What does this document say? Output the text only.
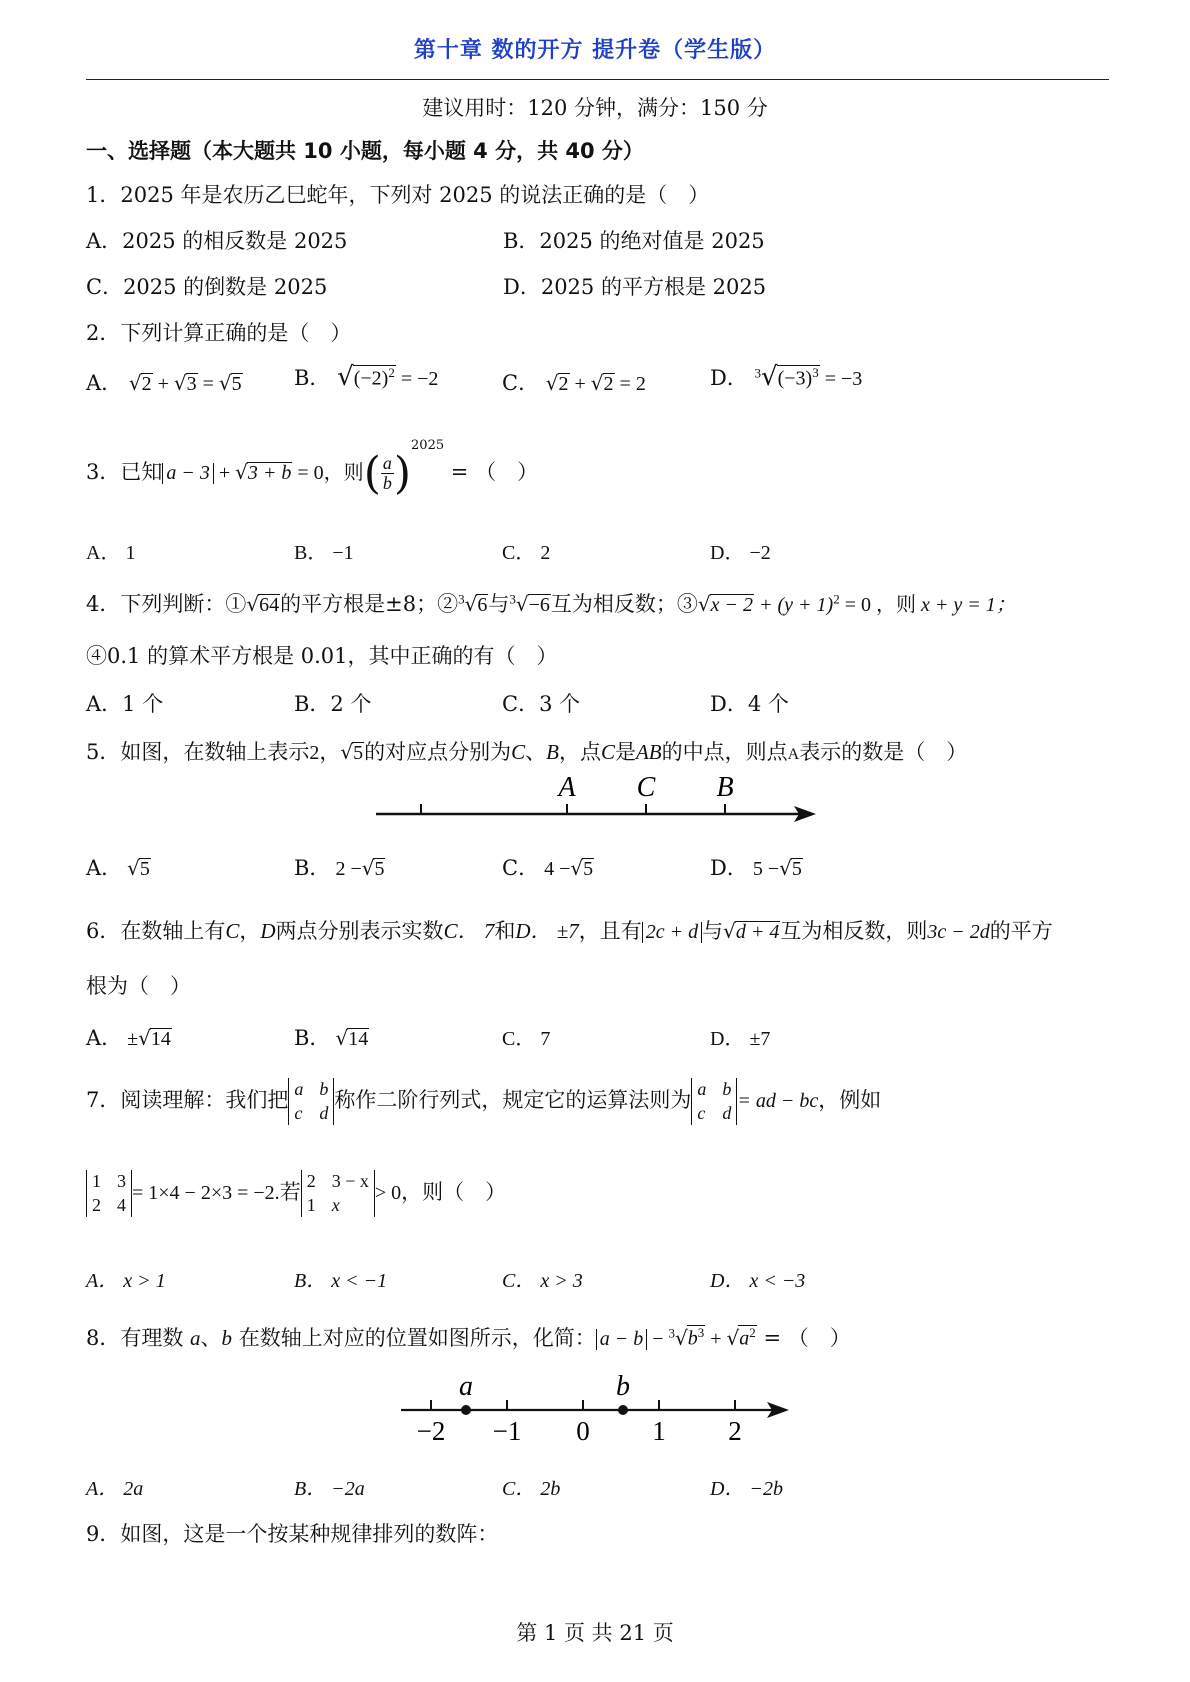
第十章 数的开方 提升卷（学生版）
建议用时：120 分钟，满分：150 分
一、选择题（本大题共 10 小题，每小题 4 分，共 40 分）
1．2025 年是农历乙巳蛇年，下列对 2025 的说法正确的是（　）
A．2025 的相反数是 2025	B．2025 的绝对值是 2025
C．2025 的倒数是 2025	D．2025 的平方根是 2025
2．下列计算正确的是（　）
A． √2 + √3 = √5 B． $√(-2)^2 = -2$	C． √2 + √2 = 2	D． $^3√(-3)^3 = -3$
3．已知 a − 3 + √3 + b = 0，则( $\frac{a}{b} )^{2025}$ = （　）
A． 1	B． −1	C． 2	D． −2
4．下列判断：①√64的平方根是±8；②$^3$√6与$^3$√−6互为相反数；③√x − $2 + (y + 1)^2 = 0$ ，则 x + y = 1；
④0.1 的算术平方根是 0.01，其中正确的有（　）
A．1 个	B．2 个	C．3 个	D．4 个
5．如图，在数轴上表示2，√5的对应点分别为C、B，点C是AB的中点，则点A表示的数是（　）
A C B
A． √5	B． 2 −√5	C． 4 −√5	D． 5 −√5
6．在数轴上有C，D两点分别表示实数C． 7和D． ±7，且有 2c + d 与√d + 4互为相反数，则3c − 2d的平方
根为（　）
A． ±√14	B． √14	C． 7	D． ±7
7．阅读理解：我们把 a b
c d
称作二阶行列式，规定它的运算法则为 a b
c d
= ad − bc，例如
1 3
2 4
= 1×4 − 2×3 = −2.若 2 3 − x
1 x
> 0，则（　）
A． x > 1	B． x < −1	C． x > 3	D． x < −3
8．有理数 a、b 在数轴上对应的位置如图所示，化简： $a - b - ^3√b^3 + √a^2$ = （　）
a	b
−2 −1 0 1 2
A． 2a	B． −2a	C． 2b	D． −2b
9．如图，这是一个按某种规律排列的数阵：
第 1 页 共 21 页
